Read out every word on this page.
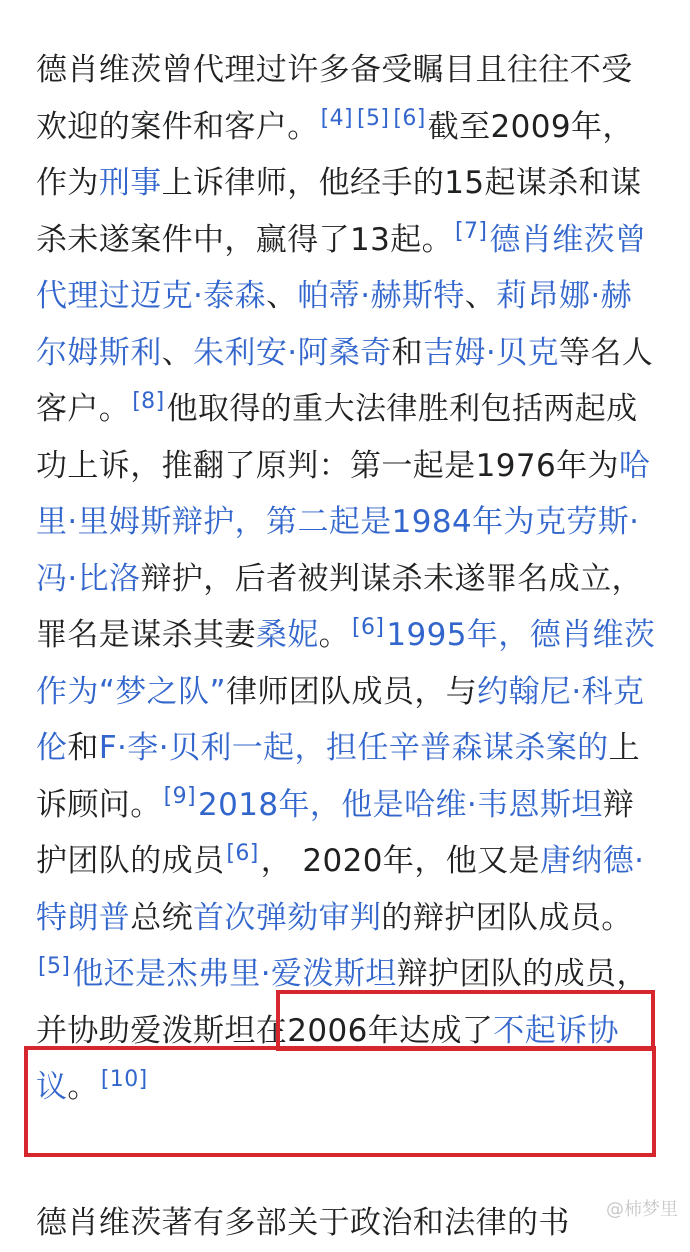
德肖维茨曾代理过许多备受瞩目且往往不受欢迎的案件和客户。[4] [5] [6]截至2009年，作为刑事上诉律师，他经手的15起谋杀和谋杀未遂案件中，赢得了13起。[7]德肖维茨曾代理过迈克·泰森、帕蒂·赫斯特、莉昂娜·赫尔姆斯利、朱利安·阿桑奇和吉姆·贝克等名人客户。[8]他取得的重大法律胜利包括两起成功上诉，推翻了原判：第一起是1976年为哈里·里姆斯辩护，第二起是1984年为克劳斯·冯·比洛辩护，后者被判谋杀未遂罪名成立，罪名是谋杀其妻桑妮。[6]1995年，德肖维茨作为“梦之队”律师团队成员，与约翰尼·科克伦和F·李·贝利一起，担任辛普森谋杀案的上诉顾问。[9]2018年，他是哈维·韦恩斯坦辩护团队的成员[6]， 2020年，他又是唐纳德·特朗普总统首次弹劾审判的辩护团队成员。[5]他还是杰弗里·爱泼斯坦辩护团队的成员，并协助爱泼斯坦在2006年达成了不起诉协议。[10]

德肖维茨著有多部关于政治和法律的书	@柿梦里
